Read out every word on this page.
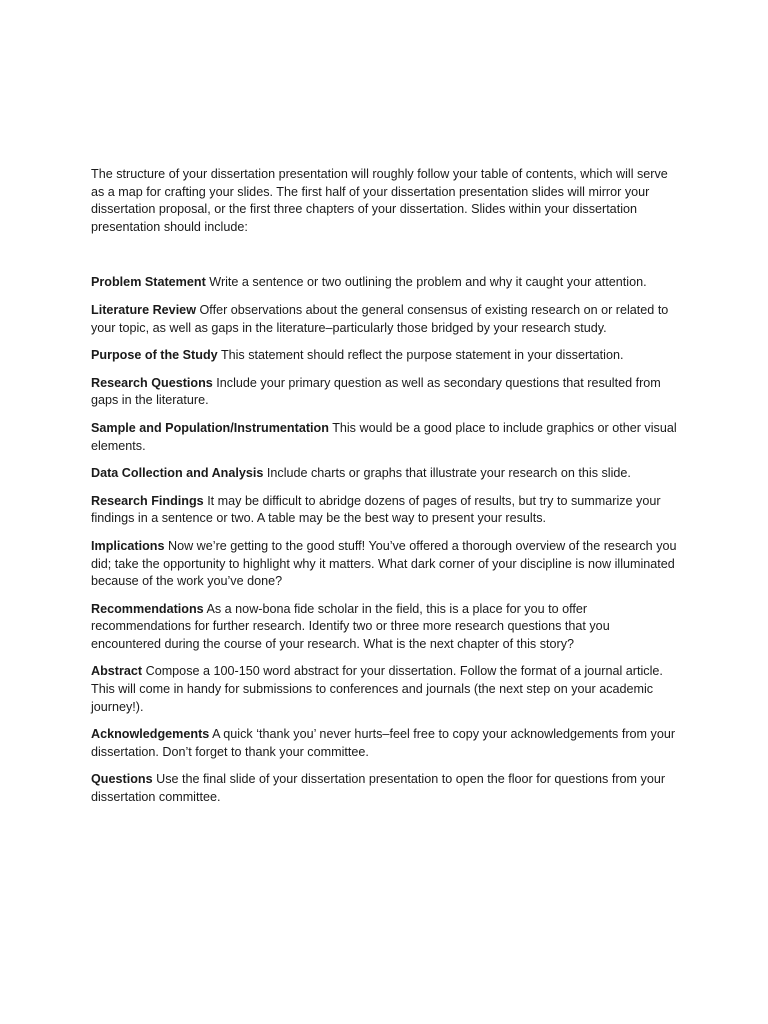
The structure of your dissertation presentation will roughly follow your table of contents, which will serve as a map for crafting your slides. The first half of your dissertation presentation slides will mirror your dissertation proposal, or the first three chapters of your dissertation. Slides within your dissertation presentation should include:

Problem Statement Write a sentence or two outlining the problem and why it caught your attention.

Literature Review Offer observations about the general consensus of existing research on or related to your topic, as well as gaps in the literature–particularly those bridged by your research study.

Purpose of the Study This statement should reflect the purpose statement in your dissertation.

Research Questions Include your primary question as well as secondary questions that resulted from gaps in the literature.

Sample and Population/Instrumentation This would be a good place to include graphics or other visual elements.

Data Collection and Analysis Include charts or graphs that illustrate your research on this slide.

Research Findings It may be difficult to abridge dozens of pages of results, but try to summarize your findings in a sentence or two. A table may be the best way to present your results.

Implications Now we’re getting to the good stuff! You’ve offered a thorough overview of the research you did; take the opportunity to highlight why it matters. What dark corner of your discipline is now illuminated because of the work you’ve done?

Recommendations As a now-bona fide scholar in the field, this is a place for you to offer recommendations for further research. Identify two or three more research questions that you encountered during the course of your research. What is the next chapter of this story?

Abstract Compose a 100-150 word abstract for your dissertation. Follow the format of a journal article. This will come in handy for submissions to conferences and journals (the next step on your academic journey!).

Acknowledgements A quick ‘thank you’ never hurts–feel free to copy your acknowledgements from your dissertation. Don’t forget to thank your committee.

Questions Use the final slide of your dissertation presentation to open the floor for questions from your dissertation committee.
